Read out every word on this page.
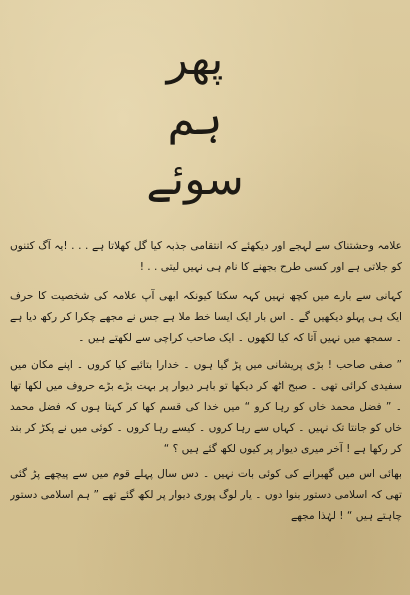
پھر ہم سوئے

علامہ وحشتناک سے لہجے اور دیکھئے کہ انتقامی جذبہ کیا گل کھلاتا ہے . . . !یہ آگ کتنوں کو جلاتی ہے اور کسی طرح بجھنے کا نام ہی نہیں لیتی . . !

کہانی سے بارے میں کچھ نہیں کہہ سکتا کیونکہ ابھی آپ علامہ کی شخصیت کا حرف ایک ہی پہلو دیکھیں گے ۔ اس بار ایک ایسا خط ملا ہے جس نے مجھے چکرا کر رکھ دیا ہے ۔ سمجھ میں نہیں آتا کہ کیا لکھوں ۔ ایک صاحب کراچی سے لکھتے ہیں ۔

” صفی صاحب ! بڑی پریشانی میں پڑ گیا ہوں ۔ خدارا بتائیے کیا کروں ۔ اپنے مکان میں سفیدی کرائی تھی ۔ صبح اٹھ کر دیکھا تو باہر دیوار پر بہت بڑے بڑے حروف میں لکھا تھا ۔ ” فضل محمد خاں کو رہا کرو “ میں خدا کی قسم کھا کر کہتا ہوں کہ فضل محمد خاں کو جانتا تک نہیں ۔ کہاں سے رہا کروں ۔ کیسے رہا کروں ۔ کوئی میں نے پکڑ کر بند کر رکھا ہے ! آخر میری دیوار پر کیوں لکھ گئے ہیں ؟ “

بھائی اس میں گھبرانے کی کوئی بات نہیں ۔ دس سال پہلے قوم میں سے پیچھے پڑ گئی تھی کہ اسلامی دستور بنوا دوں ۔ یار لوگ پوری دیوار پر لکھ گئے تھے ” ہم اسلامی دستور چاہتے ہیں “ ! لہٰذا مجھے
